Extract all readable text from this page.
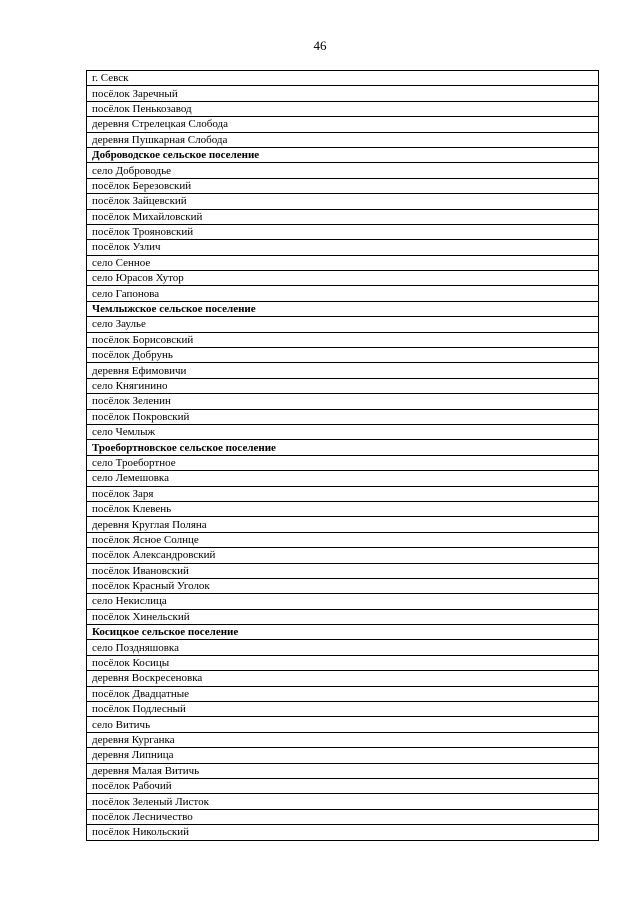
46
г. Севск
посёлок Заречный
посёлок Пенькозавод
деревня Стрелецкая Слобода
деревня Пушкарная Слобода
Доброводское сельское поселение
село Доброводье
посёлок Березовский
посёлок Зайцевский
посёлок Михайловский
посёлок Трояновский
посёлок Узлич
село Сенное
село Юрасов Хутор
село Гапонова
Чемлыжское сельское поселение
село Заулье
посёлок Борисовский
посёлок Добрунь
деревня Ефимовичи
село Княгинино
посёлок Зеленин
посёлок Покровский
село Чемлыж
Троебортновское сельское поселение
село Троебортное
село Лемешовка
посёлок Заря
посёлок Клевень
деревня Круглая Поляна
посёлок Ясное Солнце
посёлок Александровский
посёлок Ивановский
посёлок Красный Уголок
село Некислица
посёлок Хинельский
Косицкое сельское поселение
село Поздняшовка
посёлок Косицы
деревня Воскресеновка
посёлок Двадцатные
посёлок Подлесный
село Витичь
деревня Курганка
деревня Липница
деревня Малая Витичь
посёлок Рабочий
посёлок Зеленый Листок
посёлок Лесничество
посёлок Никольский
